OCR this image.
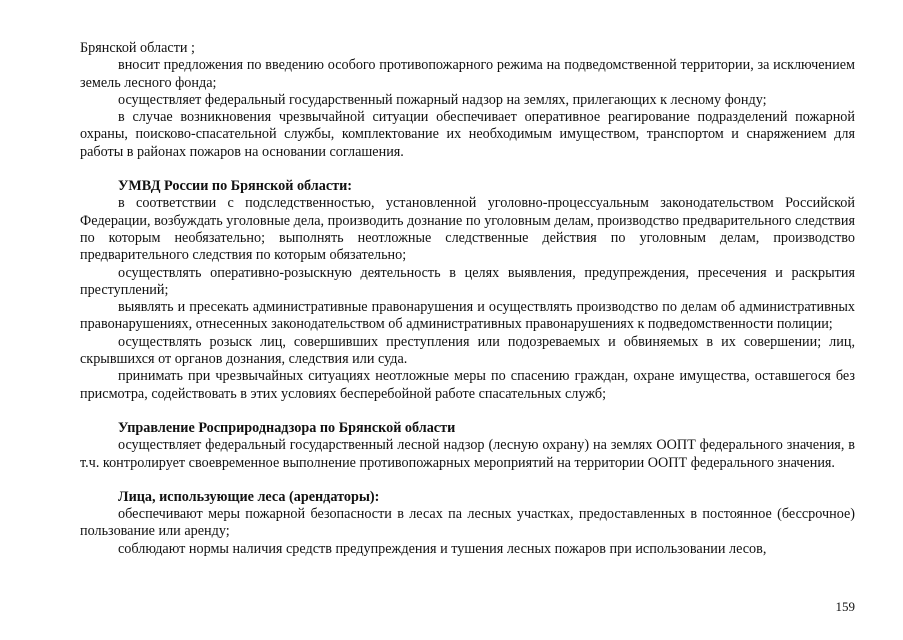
Брянской области ;

вносит предложения по введению особого противопожарного режима на подведомственной территории, за исключением земель лесного фонда;

осуществляет федеральный государственный пожарный надзор на землях, прилегающих к лесному фонду;

в случае возникновения чрезвычайной ситуации обеспечивает оперативное реагирование подразделений пожарной охраны, поисково-спасательной службы, комплектование их необходимым имуществом, транспортом и снаряжением для работы в районах пожаров на основании соглашения.

УМВД России по Брянской области:

в соответствии с подследственностью, установленной уголовно-процессуальным законодательством Российской Федерации, возбуждать уголовные дела, производить дознание по уголовным делам, производство предварительного следствия по которым необязательно; выполнять неотложные следственные действия по уголовным делам, производство предварительного следствия по которым обязательно;

осуществлять оперативно-розыскную деятельность в целях выявления, предупреждения, пресечения и раскрытия преступлений;

выявлять и пресекать административные правонарушения и осуществлять производство по делам об административных правонарушениях, отнесенных законодательством об административных правонарушениях к подведомственности полиции;

осуществлять розыск лиц, совершивших преступления или подозреваемых и обвиняемых в их совершении; лиц, скрывшихся от органов дознания, следствия или суда.

принимать при чрезвычайных ситуациях неотложные меры по спасению граждан, охране имущества, оставшегося без присмотра, содействовать в этих условиях бесперебойной работе спасательных служб;

Управление Росприроднадзора по Брянской области

осуществляет федеральный государственный лесной надзор (лесную охрану) на землях ООПТ федерального значения, в т.ч. контролирует своевременное выполнение противопожарных мероприятий на территории ООПТ федерального значения.

Лица, использующие леса (арендаторы):

обеспечивают меры пожарной безопасности в лесах па лесных участках, предоставленных в постоянное (бессрочное) пользование или аренду;

соблюдают нормы наличия средств предупреждения и тушения лесных пожаров при использовании лесов,

159
